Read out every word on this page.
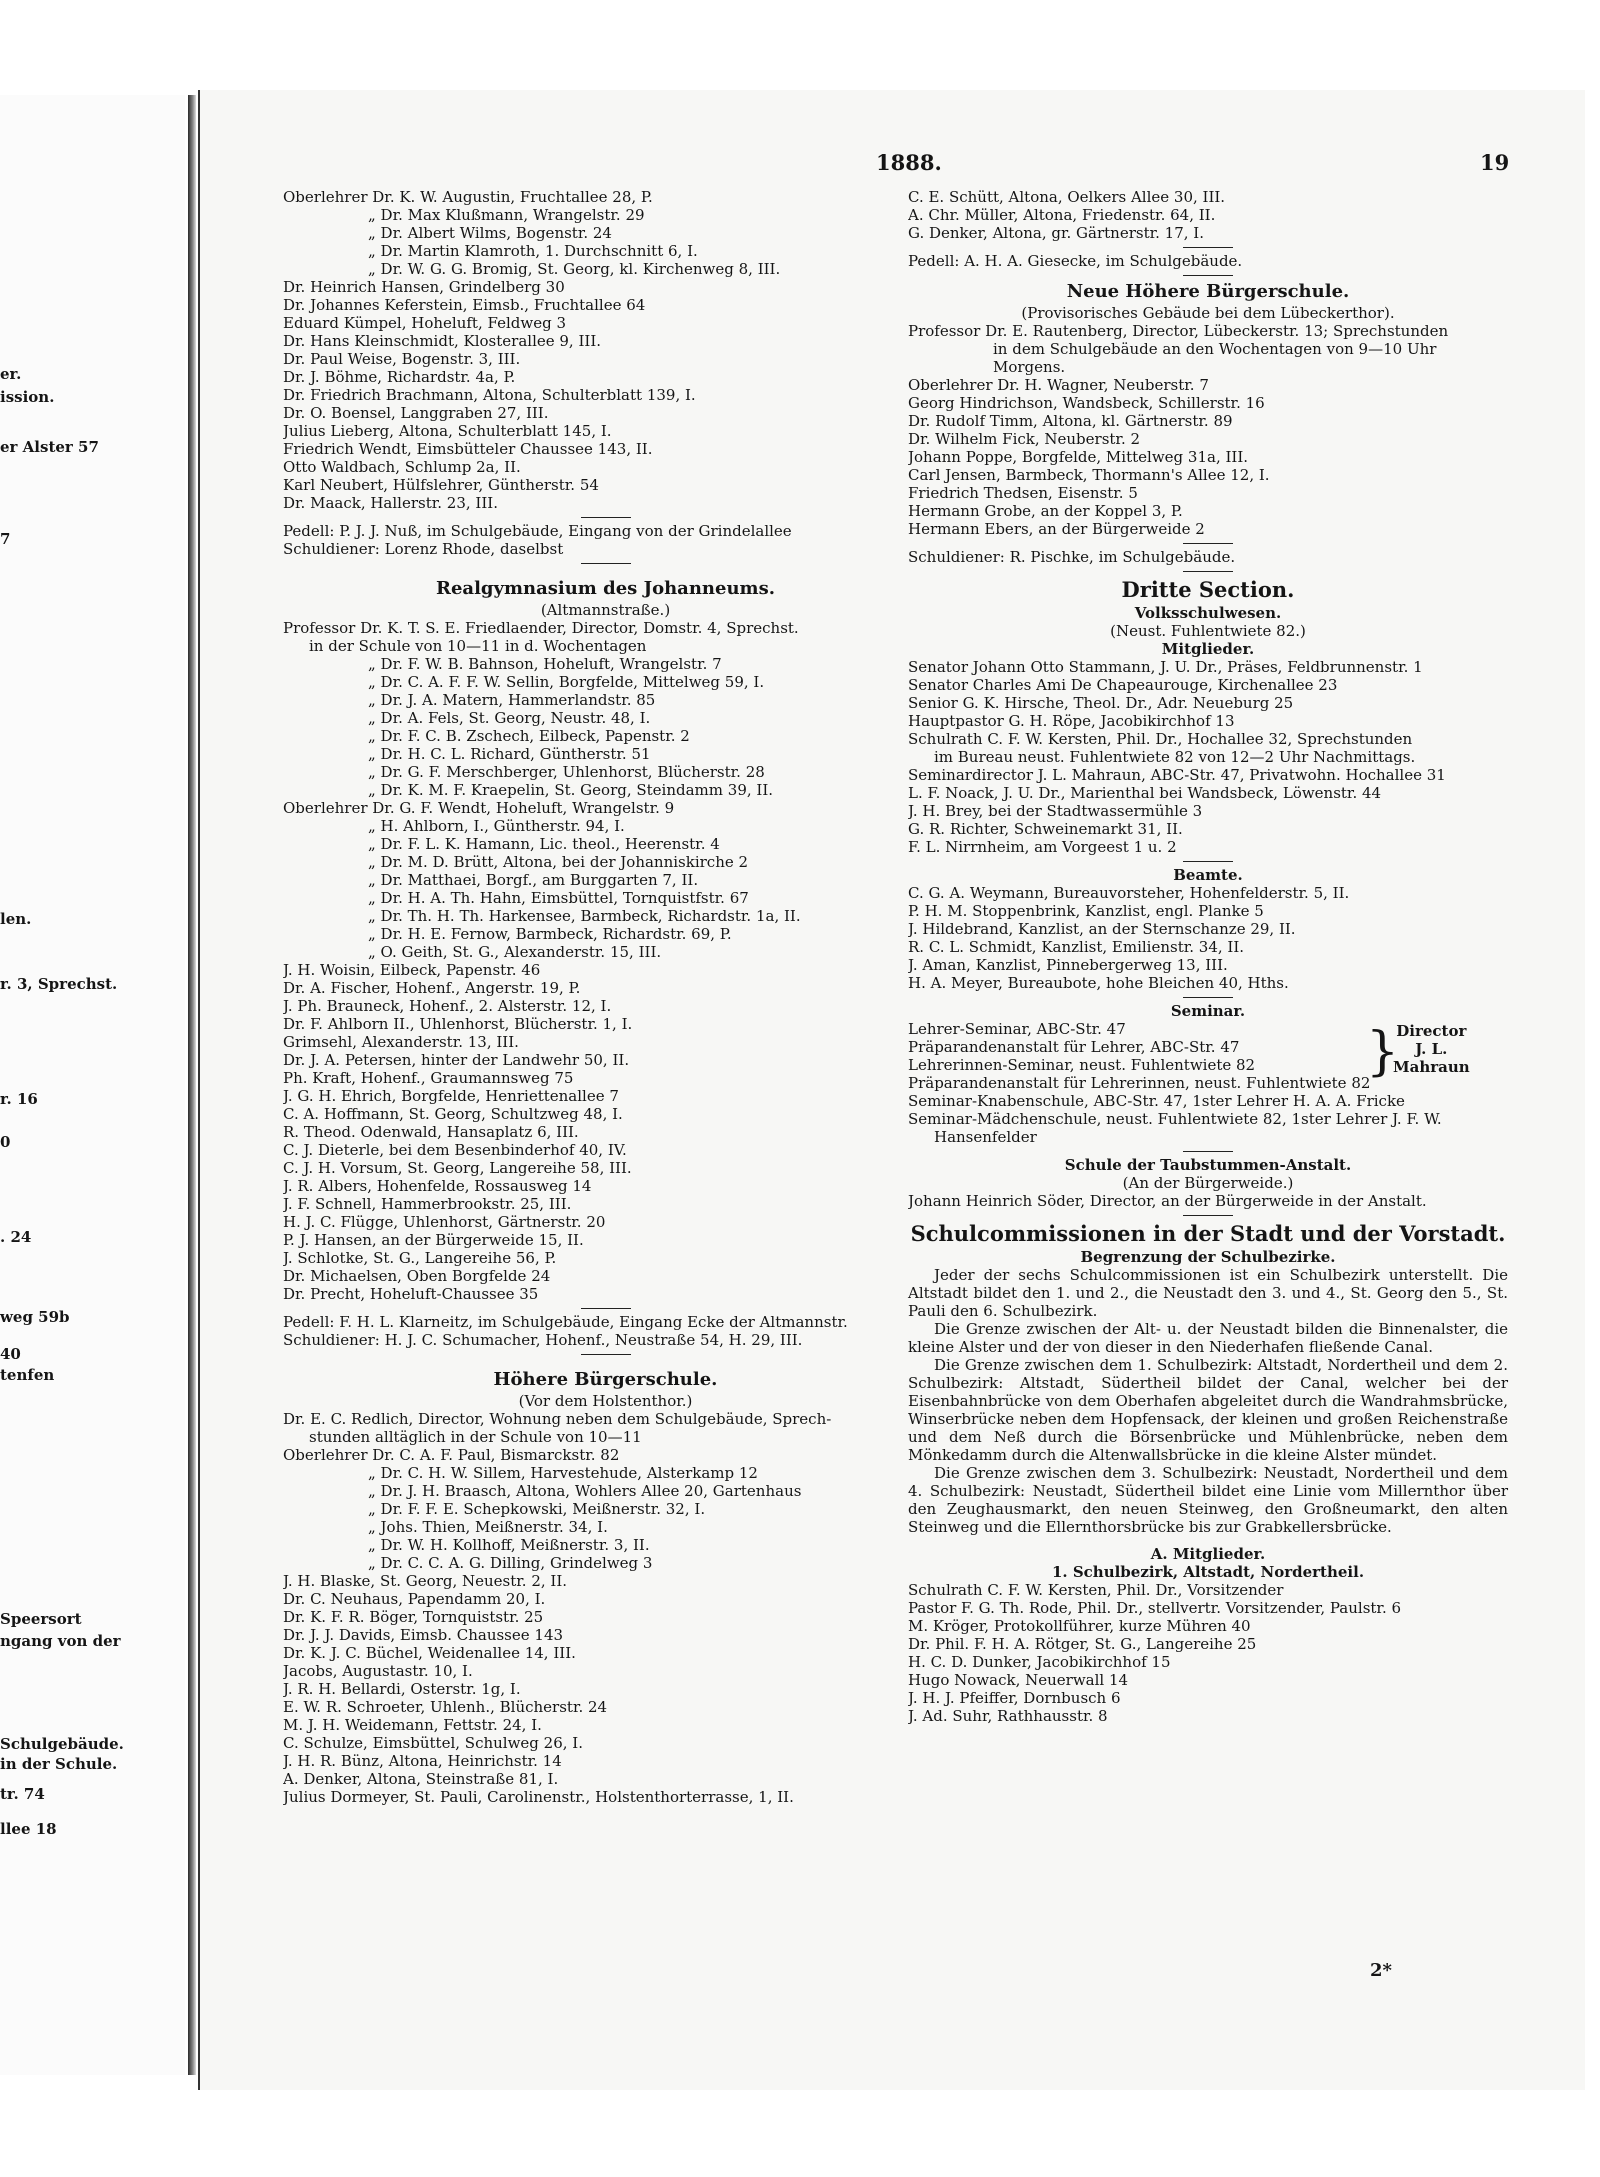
er.
ission.
er Alster 57
7
len.
r. 3, Sprechst.
r. 16
0
. 24
weg 59b
40
tenfen
Speersort
ngang von der
Schulgebäude.
in der Schule.
tr. 74
llee 18
1888.	19
Oberlehrer Dr. K. W. Augustin, Fruchtallee 28, P.
„ Dr. Max Klußmann, Wrangelstr. 29
„ Dr. Albert Wilms, Bogenstr. 24
„ Dr. Martin Klamroth, 1. Durchschnitt 6, I.
„ Dr. W. G. G. Bromig, St. Georg, kl. Kirchenweg 8, III.
Dr. Heinrich Hansen, Grindelberg 30
Dr. Johannes Keferstein, Eimsb., Fruchtallee 64
Eduard Kümpel, Hoheluft, Feldweg 3
Dr. Hans Kleinschmidt, Klosterallee 9, III.
Dr. Paul Weise, Bogenstr. 3, III.
Dr. J. Böhme, Richardstr. 4a, P.
Dr. Friedrich Brachmann, Altona, Schulterblatt 139, I.
Dr. O. Boensel, Langgraben 27, III.
Julius Lieberg, Altona, Schulterblatt 145, I.
Friedrich Wendt, Eimsbütteler Chaussee 143, II.
Otto Waldbach, Schlump 2a, II.
Karl Neubert, Hülfslehrer, Güntherstr. 54
Dr. Maack, Hallerstr. 23, III.
Pedell: P. J. J. Nuß, im Schulgebäude, Eingang von der Grindelallee
Schuldiener: Lorenz Rhode, daselbst
Realgymnasium des Johanneums.
(Altmannstraße.)
Professor Dr. K. T. S. E. Friedlaender, Director, Domstr. 4, Sprechst.
in der Schule von 10—11 in d. Wochentagen
„ Dr. F. W. B. Bahnson, Hoheluft, Wrangelstr. 7
„ Dr. C. A. F. F. W. Sellin, Borgfelde, Mittelweg 59, I.
„ Dr. J. A. Matern, Hammerlandstr. 85
„ Dr. A. Fels, St. Georg, Neustr. 48, I.
„ Dr. F. C. B. Zschech, Eilbeck, Papenstr. 2
„ Dr. H. C. L. Richard, Güntherstr. 51
„ Dr. G. F. Merschberger, Uhlenhorst, Blücherstr. 28
„ Dr. K. M. F. Kraepelin, St. Georg, Steindamm 39, II.
Oberlehrer Dr. G. F. Wendt, Hoheluft, Wrangelstr. 9
„ H. Ahlborn, I., Güntherstr. 94, I.
„ Dr. F. L. K. Hamann, Lic. theol., Heerenstr. 4
„ Dr. M. D. Brütt, Altona, bei der Johanniskirche 2
„ Dr. Matthaei, Borgf., am Burggarten 7, II.
„ Dr. H. A. Th. Hahn, Eimsbüttel, Tornquistfstr. 67
„ Dr. Th. H. Th. Harkensee, Barmbeck, Richardstr. 1a, II.
„ Dr. H. E. Fernow, Barmbeck, Richardstr. 69, P.
„ O. Geith, St. G., Alexanderstr. 15, III.
J. H. Woisin, Eilbeck, Papenstr. 46
Dr. A. Fischer, Hohenf., Angerstr. 19, P.
J. Ph. Brauneck, Hohenf., 2. Alsterstr. 12, I.
Dr. F. Ahlborn II., Uhlenhorst, Blücherstr. 1, I.
Grimsehl, Alexanderstr. 13, III.
Dr. J. A. Petersen, hinter der Landwehr 50, II.
Ph. Kraft, Hohenf., Graumannsweg 75
J. G. H. Ehrich, Borgfelde, Henriettenallee 7
C. A. Hoffmann, St. Georg, Schultzweg 48, I.
R. Theod. Odenwald, Hansaplatz 6, III.
C. J. Dieterle, bei dem Besenbinderhof 40, IV.
C. J. H. Vorsum, St. Georg, Langereihe 58, III.
J. R. Albers, Hohenfelde, Rossausweg 14
J. F. Schnell, Hammerbrookstr. 25, III.
H. J. C. Flügge, Uhlenhorst, Gärtnerstr. 20
P. J. Hansen, an der Bürgerweide 15, II.
J. Schlotke, St. G., Langereihe 56, P.
Dr. Michaelsen, Oben Borgfelde 24
Dr. Precht, Hoheluft-Chaussee 35
Pedell: F. H. L. Klarneitz, im Schulgebäude, Eingang Ecke der Altmannstr.
Schuldiener: H. J. C. Schumacher, Hohenf., Neustraße 54, H. 29, III.
Höhere Bürgerschule.
(Vor dem Holstenthor.)
Dr. E. C. Redlich, Director, Wohnung neben dem Schulgebäude, Sprech-
stunden alltäglich in der Schule von 10—11
Oberlehrer Dr. C. A. F. Paul, Bismarckstr. 82
„ Dr. C. H. W. Sillem, Harvestehude, Alsterkamp 12
„ Dr. J. H. Braasch, Altona, Wohlers Allee 20, Gartenhaus
„ Dr. F. F. E. Schepkowski, Meißnerstr. 32, I.
„ Johs. Thien, Meißnerstr. 34, I.
„ Dr. W. H. Kollhoff, Meißnerstr. 3, II.
„ Dr. C. C. A. G. Dilling, Grindelweg 3
J. H. Blaske, St. Georg, Neuestr. 2, II.
Dr. C. Neuhaus, Papendamm 20, I.
Dr. K. F. R. Böger, Tornquiststr. 25
Dr. J. J. Davids, Eimsb. Chaussee 143
Dr. K. J. C. Büchel, Weidenallee 14, III.
Jacobs, Augustastr. 10, I.
J. R. H. Bellardi, Osterstr. 1g, I.
E. W. R. Schroeter, Uhlenh., Blücherstr. 24
M. J. H. Weidemann, Fettstr. 24, I.
C. Schulze, Eimsbüttel, Schulweg 26, I.
J. H. R. Bünz, Altona, Heinrichstr. 14
A. Denker, Altona, Steinstraße 81, I.
Julius Dormeyer, St. Pauli, Carolinenstr., Holstenthorterrasse, 1, II.
C. E. Schütt, Altona, Oelkers Allee 30, III.
A. Chr. Müller, Altona, Friedenstr. 64, II.
G. Denker, Altona, gr. Gärtnerstr. 17, I.
Pedell: A. H. A. Giesecke, im Schulgebäude.
Neue Höhere Bürgerschule.
(Provisorisches Gebäude bei dem Lübeckerthor).
Professor Dr. E. Rautenberg, Director, Lübeckerstr. 13; Sprechstunden
in dem Schulgebäude an den Wochentagen von 9—10 Uhr
Morgens.
Oberlehrer Dr. H. Wagner, Neuberstr. 7
Georg Hindrichson, Wandsbeck, Schillerstr. 16
Dr. Rudolf Timm, Altona, kl. Gärtnerstr. 89
Dr. Wilhelm Fick, Neuberstr. 2
Johann Poppe, Borgfelde, Mittelweg 31a, III.
Carl Jensen, Barmbeck, Thormann's Allee 12, I.
Friedrich Thedsen, Eisenstr. 5
Hermann Grobe, an der Koppel 3, P.
Hermann Ebers, an der Bürgerweide 2
Schuldiener: R. Pischke, im Schulgebäude.
Dritte Section.
Volksschulwesen.
(Neust. Fuhlentwiete 82.)
Mitglieder.
Senator Johann Otto Stammann, J. U. Dr., Präses, Feldbrunnenstr. 1
Senator Charles Ami De Chapeaurouge, Kirchenallee 23
Senior G. K. Hirsche, Theol. Dr., Adr. Neueburg 25
Hauptpastor G. H. Röpe, Jacobikirchhof 13
Schulrath C. F. W. Kersten, Phil. Dr., Hochallee 32, Sprechstunden
im Bureau neust. Fuhlentwiete 82 von 12—2 Uhr Nachmittags.
Seminardirector J. L. Mahraun, ABC-Str. 47, Privatwohn. Hochallee 31
L. F. Noack, J. U. Dr., Marienthal bei Wandsbeck, Löwenstr. 44
J. H. Brey, bei der Stadtwassermühle 3
G. R. Richter, Schweinemarkt 31, II.
F. L. Nirrnheim, am Vorgeest 1 u. 2
Beamte.
C. G. A. Weymann, Bureauvorsteher, Hohenfelderstr. 5, II.
P. H. M. Stoppenbrink, Kanzlist, engl. Planke 5
J. Hildebrand, Kanzlist, an der Sternschanze 29, II.
R. C. L. Schmidt, Kanzlist, Emilienstr. 34, II.
J. Aman, Kanzlist, Pinnebergerweg 13, III.
H. A. Meyer, Bureaubote, hohe Bleichen 40, Hths.
Seminar.
Lehrer-Seminar, ABC-Str. 47
Präparandenanstalt für Lehrer, ABC-Str. 47
Lehrerinnen-Seminar, neust. Fuhlentwiete 82
Präparandenanstalt für Lehrerinnen, neust. Fuhlentwiete 82
}
Director
J. L.
Mahraun
Seminar-Knabenschule, ABC-Str. 47, 1ster Lehrer H. A. A. Fricke
Seminar-Mädchenschule, neust. Fuhlentwiete 82, 1ster Lehrer J. F. W.
Hansenfelder
Schule der Taubstummen-Anstalt.
(An der Bürgerweide.)
Johann Heinrich Söder, Director, an der Bürgerweide in der Anstalt.
Schulcommissionen in der Stadt und der Vorstadt.
Begrenzung der Schulbezirke.
Jeder der sechs Schulcommissionen ist ein Schulbezirk unterstellt. Die Altstadt bildet den 1. und 2., die Neustadt den 3. und 4., St. Georg den 5., St. Pauli den 6. Schulbezirk.
Die Grenze zwischen der Alt- u. der Neustadt bilden die Binnenalster, die kleine Alster und der von dieser in den Niederhafen fließende Canal.
Die Grenze zwischen dem 1. Schulbezirk: Altstadt, Nordertheil und dem 2. Schulbezirk: Altstadt, Südertheil bildet der Canal, welcher bei der Eisenbahnbrücke von dem Oberhafen abgeleitet durch die Wandrahmsbrücke, Winserbrücke neben dem Hopfensack, der kleinen und großen Reichenstraße und dem Neß durch die Börsenbrücke und Mühlenbrücke, neben dem Mönkedamm durch die Altenwallsbrücke in die kleine Alster mündet.
Die Grenze zwischen dem 3. Schulbezirk: Neustadt, Nordertheil und dem 4. Schulbezirk: Neustadt, Südertheil bildet eine Linie vom Millernthor über den Zeughausmarkt, den neuen Steinweg, den Großneumarkt, den alten Steinweg und die Ellernthorsbrücke bis zur Grabkellersbrücke.
A. Mitglieder.
1. Schulbezirk, Altstadt, Nordertheil.
Schulrath C. F. W. Kersten, Phil. Dr., Vorsitzender
Pastor F. G. Th. Rode, Phil. Dr., stellvertr. Vorsitzender, Paulstr. 6
M. Kröger, Protokollführer, kurze Mühren 40
Dr. Phil. F. H. A. Rötger, St. G., Langereihe 25
H. C. D. Dunker, Jacobikirchhof 15
Hugo Nowack, Neuerwall 14
J. H. J. Pfeiffer, Dornbusch 6
J. Ad. Suhr, Rathhausstr. 8
2*
